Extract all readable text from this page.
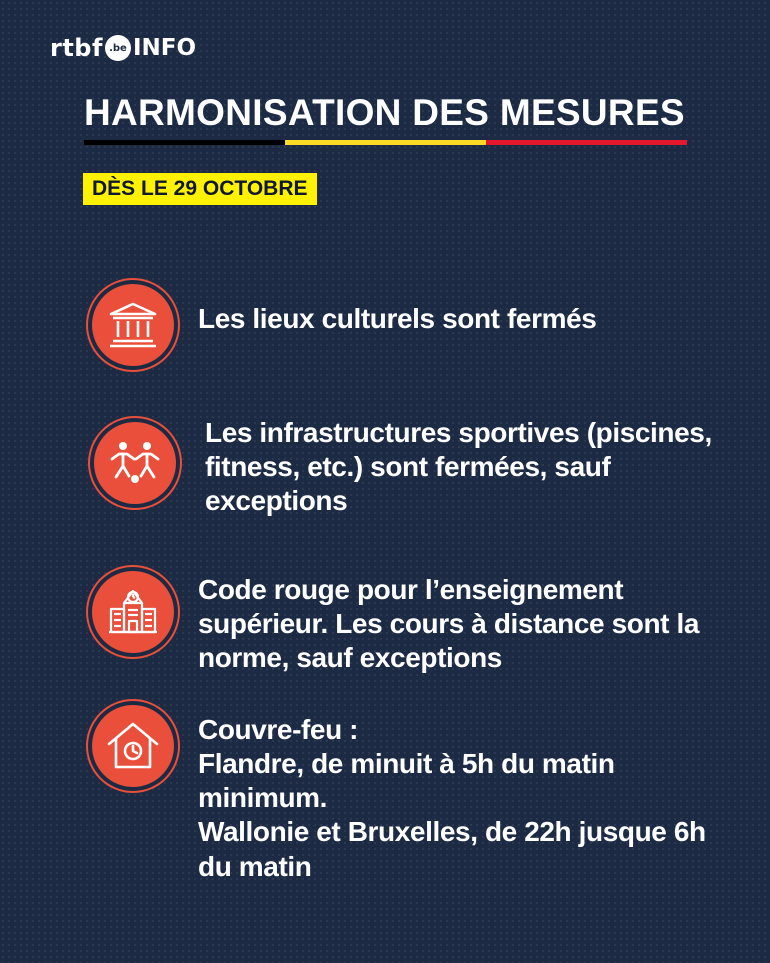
rtbf .be INFO
HARMONISATION DES MESURES
DÈS LE 29 OCTOBRE
Les lieux culturels sont fermés
Les infrastructures sportives (piscines, fitness, etc.) sont fermées, sauf exceptions
Code rouge pour l’enseignement supérieur. Les cours à distance sont la norme, sauf exceptions
Couvre-feu :
Flandre, de minuit à 5h du matin minimum.
Wallonie et Bruxelles, de 22h jusque 6h du matin
